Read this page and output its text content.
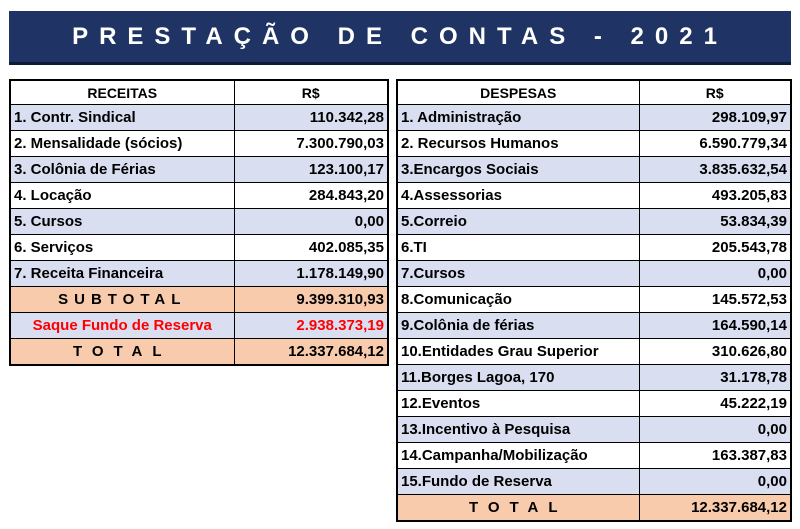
PRESTAÇÃO DE CONTAS - 2021
RECEITAS	R$
1. Contr. Sindical	110.342,28
2. Mensalidade (sócios)	7.300.790,03
3. Colônia de Férias	123.100,17
4. Locação	284.843,20
5. Cursos	0,00
6. Serviços	402.085,35
7. Receita Financeira	1.178.149,90
SUBTOTAL	9.399.310,93
Saque Fundo de Reserva	2.938.373,19
TOTAL	12.337.684,12
DESPESAS	R$
1. Administração	298.109,97
2. Recursos Humanos	6.590.779,34
3.Encargos Sociais	3.835.632,54
4.Assessorias	493.205,83
5.Correio	53.834,39
6.TI	205.543,78
7.Cursos	0,00
8.Comunicação	145.572,53
9.Colônia de férias	164.590,14
10.Entidades Grau Superior	310.626,80
11.Borges Lagoa, 170	31.178,78
12.Eventos	45.222,19
13.Incentivo à Pesquisa	0,00
14.Campanha/Mobilização	163.387,83
15.Fundo de Reserva	0,00
TOTAL	12.337.684,12
